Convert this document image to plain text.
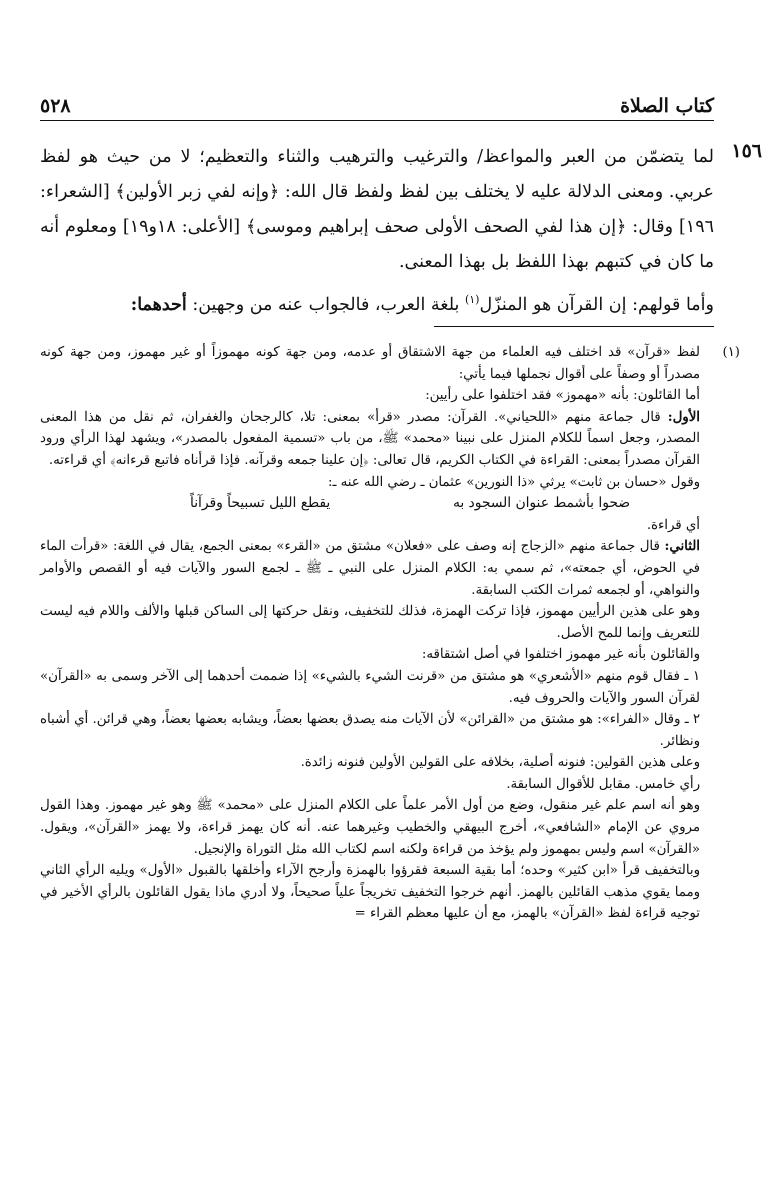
كتاب الصلاة
٥٢٨
١٥٦

لما يتضمّن من العبر والمواعظ/ والترغيب والترهيب والثناء والتعظيم؛ لا من حيث هو لفظ عربي. ومعنى الدلالة عليه لا يختلف بين لفظ ولفظ قال الله: ﴿وإنه لفي زبر الأولين﴾ [الشعراء: ١٩٦] وقال: ﴿إن هذا لفي الصحف الأولى صحف إبراهيم وموسى﴾ [الأعلى: ١٨و١٩] ومعلوم أنه ما كان في كتبهم بهذا اللفظ بل بهذا المعنى.

وأما قولهم: إن القرآن هو المنزّل$^{(١)}$ بلغة العرب، فالجواب عنه من وجهين: أحدهما:

(١)

لفظ «قرآن» قد اختلف فيه العلماء من جهة الاشتقاق أو عدمه، ومن جهة كونه مهموزاً أو غير مهموز، ومن جهة كونه مصدراً أو وصفاً على أقوال نجملها فيما يأتي:

أما القائلون: بأنه «مهموز» فقد اختلفوا على رأيين:

الأول: قال جماعة منهم «اللحياني». القرآن: مصدر «قرأ» بمعنى: تلا، كالرجحان والغفران، ثم نقل من هذا المعنى المصدر، وجعل اسماً للكلام المنزل على نبينا «محمد» ﷺ، من باب «تسمية المفعول بالمصدر»، ويشهد لهذا الرأي ورود القرآن مصدراً بمعنى: القراءة في الكتاب الكريم، قال تعالى: ﴿إن علينا جمعه وقرآنه. فإذا قرأناه فاتبع قرءانه﴾ أي قراءته.

وقول «حسان بن ثابت» يرثي «ذا النورين» عثمان ـ رضي الله عنه ـ:

ضحوا بأشمط عنوان السجود به
يقطع الليل تسبيحاً وقرآناً

أي قراءة.

الثاني: قال جماعة منهم «الزجاج إنه وصف على «فعلان» مشتق من «القرء» بمعنى الجمع، يقال في اللغة: «قرأت الماء في الحوض، أي جمعته»، ثم سمي به: الكلام المنزل على النبي ـ ﷺ ـ لجمع السور والآيات فيه أو القصص والأوامر والنواهي، أو لجمعه ثمرات الكتب السابقة.

وهو على هذين الرأيين مهموز، فإذا تركت الهمزة، فذلك للتخفيف، ونقل حركتها إلى الساكن قبلها والألف واللام فيه ليست للتعريف وإنما للمح الأصل.

والقائلون بأنه غير مهموز اختلفوا في أصل اشتقاقه:

١ ـ فقال قوم منهم «الأشعري» هو مشتق من «قرنت الشيء بالشيء» إذا ضممت أحدهما إلى الآخر وسمى به «القرآن» لقرآن السور والآيات والحروف فيه.

٢ ـ وقال «الفراء»: هو مشتق من «القرائن» لأن الآيات منه يصدق بعضها بعضاً، ويشابه بعضها بعضاً، وهي قرائن. أي أشباه ونظائر.

وعلى هذين القولين: فنونه أصلية، بخلافه على القولين الأولين فنونه زائدة.

رأي خامس. مقابل للأقوال السابقة.

وهو أنه اسم علم غير منقول، وضع من أول الأمر علماً على الكلام المنزل على «محمد» ﷺ وهو غير مهموز. وهذا القول مروي عن الإمام «الشافعي»، أخرج البيهقي والخطيب وغيرهما عنه. أنه كان يهمز قراءة، ولا يهمز «القرآن»، ويقول. «القرآن» اسم وليس بمهموز ولم يؤخذ من قراءة ولكنه اسم لكتاب الله مثل التوراة والإنجيل.

وبالتخفيف قرأ «ابن كثير» وحده؛ أما بقية السبعة فقرؤوا بالهمزة وأرجح الآراء وأخلقها بالقبول «الأول» ويليه الرأي الثاني ومما يقوي مذهب القائلين بالهمز. أنهم خرجوا التخفيف تخريجاً علياً صحيحاً، ولا أدري ماذا يقول القائلون بالرأي الأخير في توجيه قراءة لفظ «القرآن» بالهمز، مع أن عليها معظم القراء =
